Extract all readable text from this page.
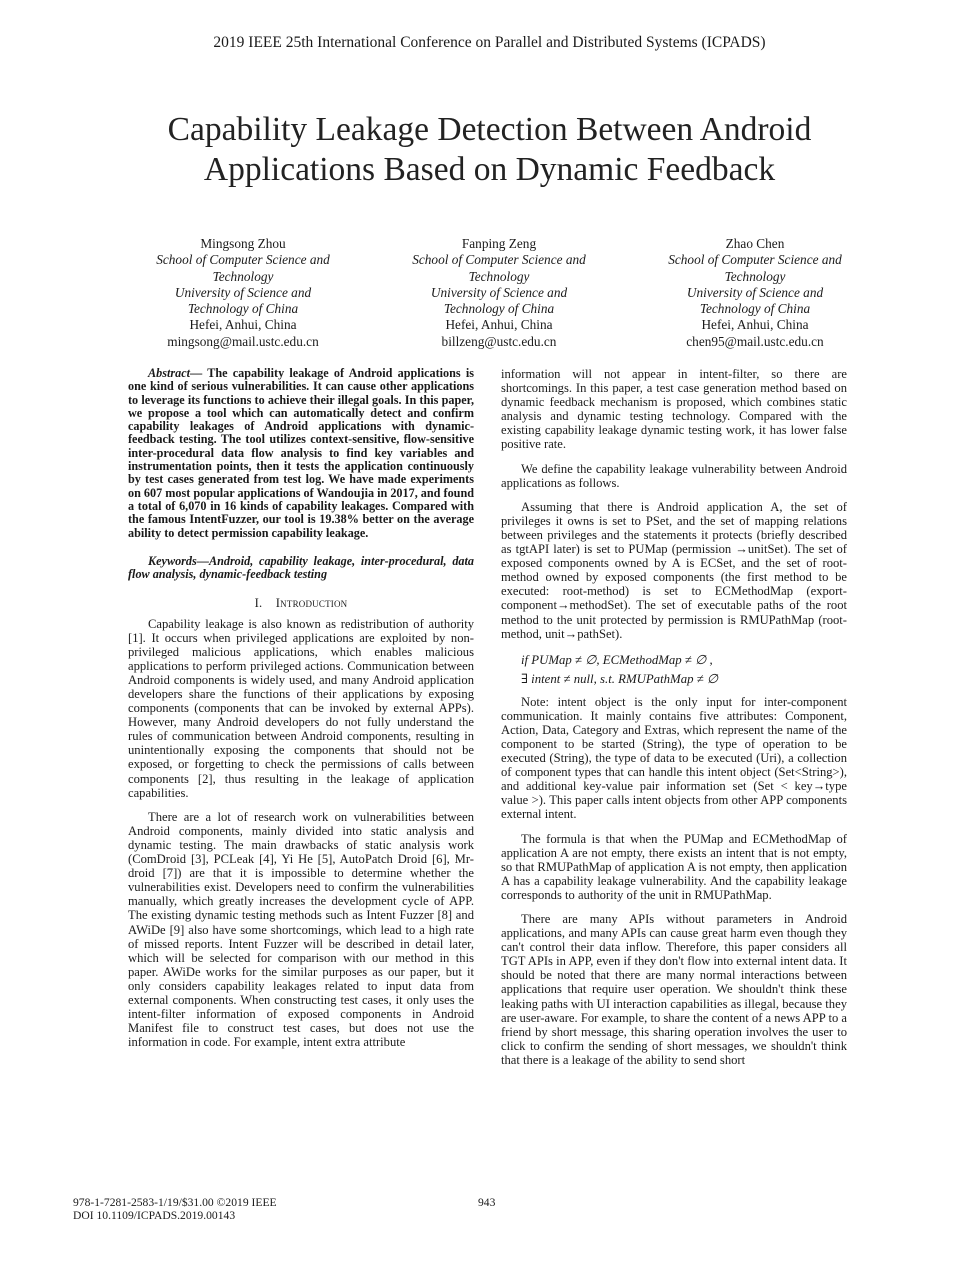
2019 IEEE 25th International Conference on Parallel and Distributed Systems (ICPADS)
Capability Leakage Detection Between Android
Applications Based on Dynamic Feedback
Mingsong Zhou
School of Computer Science and
Technology
University of Science and
Technology of China
Hefei, Anhui, China
mingsong@mail.ustc.edu.cn
Fanping Zeng
School of Computer Science and
Technology
University of Science and
Technology of China
Hefei, Anhui, China
billzeng@ustc.edu.cn
Zhao Chen
School of Computer Science and
Technology
University of Science and
Technology of China
Hefei, Anhui, China
chen95@mail.ustc.edu.cn
Abstract— The capability leakage of Android applications is one kind of serious vulnerabilities. It can cause other applications to leverage its functions to achieve their illegal goals. In this paper, we propose a tool which can automatically detect and confirm capability leakages of Android applications with dynamic-feedback testing. The tool utilizes context-sensitive, flow-sensitive inter-procedural data flow analysis to find key variables and instrumentation points, then it tests the application continuously by test cases generated from test log. We have made experiments on 607 most popular applications of Wandoujia in 2017, and found a total of 6,070 in 16 kinds of capability leakages. Compared with the famous IntentFuzzer, our tool is 19.38% better on the average ability to detect permission capability leakage.
Keywords—Android, capability leakage, inter-procedural, data flow analysis, dynamic-feedback testing
I. Introduction
Capability leakage is also known as redistribution of authority [1]. It occurs when privileged applications are exploited by non-privileged malicious applications, which enables malicious applications to perform privileged actions. Communication between Android components is widely used, and many Android application developers share the functions of their applications by exposing components (components that can be invoked by external APPs). However, many Android developers do not fully understand the rules of communication between Android components, resulting in unintentionally exposing the components that should not be exposed, or forgetting to check the permissions of calls between components [2], thus resulting in the leakage of application capabilities.
There are a lot of research work on vulnerabilities between Android components, mainly divided into static analysis and dynamic testing. The main drawbacks of static analysis work (ComDroid [3], PCLeak [4], Yi He [5], AutoPatch Droid [6], Mr-droid [7]) are that it is impossible to determine whether the vulnerabilities exist. Developers need to confirm the vulnerabilities manually, which greatly increases the development cycle of APP. The existing dynamic testing methods such as Intent Fuzzer [8] and AWiDe [9] also have some shortcomings, which lead to a high rate of missed reports. Intent Fuzzer will be described in detail later, which will be selected for comparison with our method in this paper. AWiDe works for the similar purposes as our paper, but it only considers capability leakages related to input data from external components. When constructing test cases, it only uses the intent-filter information of exposed components in Android Manifest file to construct test cases, but does not use the information in code. For example, intent extra attribute
information will not appear in intent-filter, so there are shortcomings. In this paper, a test case generation method based on dynamic feedback mechanism is proposed, which combines static analysis and dynamic testing technology. Compared with the existing capability leakage dynamic testing work, it has lower false positive rate.
We define the capability leakage vulnerability between Android applications as follows.
Assuming that there is Android application A, the set of privileges it owns is set to PSet, and the set of mapping relations between privileges and the statements it protects (briefly described as tgtAPI later) is set to PUMap (permission →unitSet). The set of exposed components owned by A is ECSet, and the set of root-method owned by exposed components (the first method to be executed: root-method) is set to ECMethodMap (export-component→methodSet). The set of executable paths of the root method to the unit protected by permission is RMUPathMap (root-method, unit→pathSet).
if PUMap ≠ ∅, ECMethodMap ≠ ∅ ,
∃ intent ≠ null, s.t. RMUPathMap ≠ ∅
Note: intent object is the only input for inter-component communication. It mainly contains five attributes: Component, Action, Data, Category and Extras, which represent the name of the component to be started (String), the type of operation to be executed (String), the type of data to be executed (Uri), a collection of component types that can handle this intent object (Set<String>), and additional key-value pair information set (Set < key→type value >). This paper calls intent objects from other APP components external intent.
The formula is that when the PUMap and ECMethodMap of application A are not empty, there exists an intent that is not empty, so that RMUPathMap of application A is not empty, then application A has a capability leakage vulnerability. And the capability leakage corresponds to authority of the unit in RMUPathMap.
There are many APIs without parameters in Android applications, and many APIs can cause great harm even though they can't control their data inflow. Therefore, this paper considers all TGT APIs in APP, even if they don't flow into external intent data. It should be noted that there are many normal interactions between applications that require user operation. We shouldn't think these leaking paths with UI interaction capabilities as illegal, because they are user-aware. For example, to share the content of a news APP to a friend by short message, this sharing operation involves the user to click to confirm the sending of short messages, we shouldn't think that there is a leakage of the ability to send short
978-1-7281-2583-1/19/$31.00 ©2019 IEEE
DOI 10.1109/ICPADS.2019.00143
943
